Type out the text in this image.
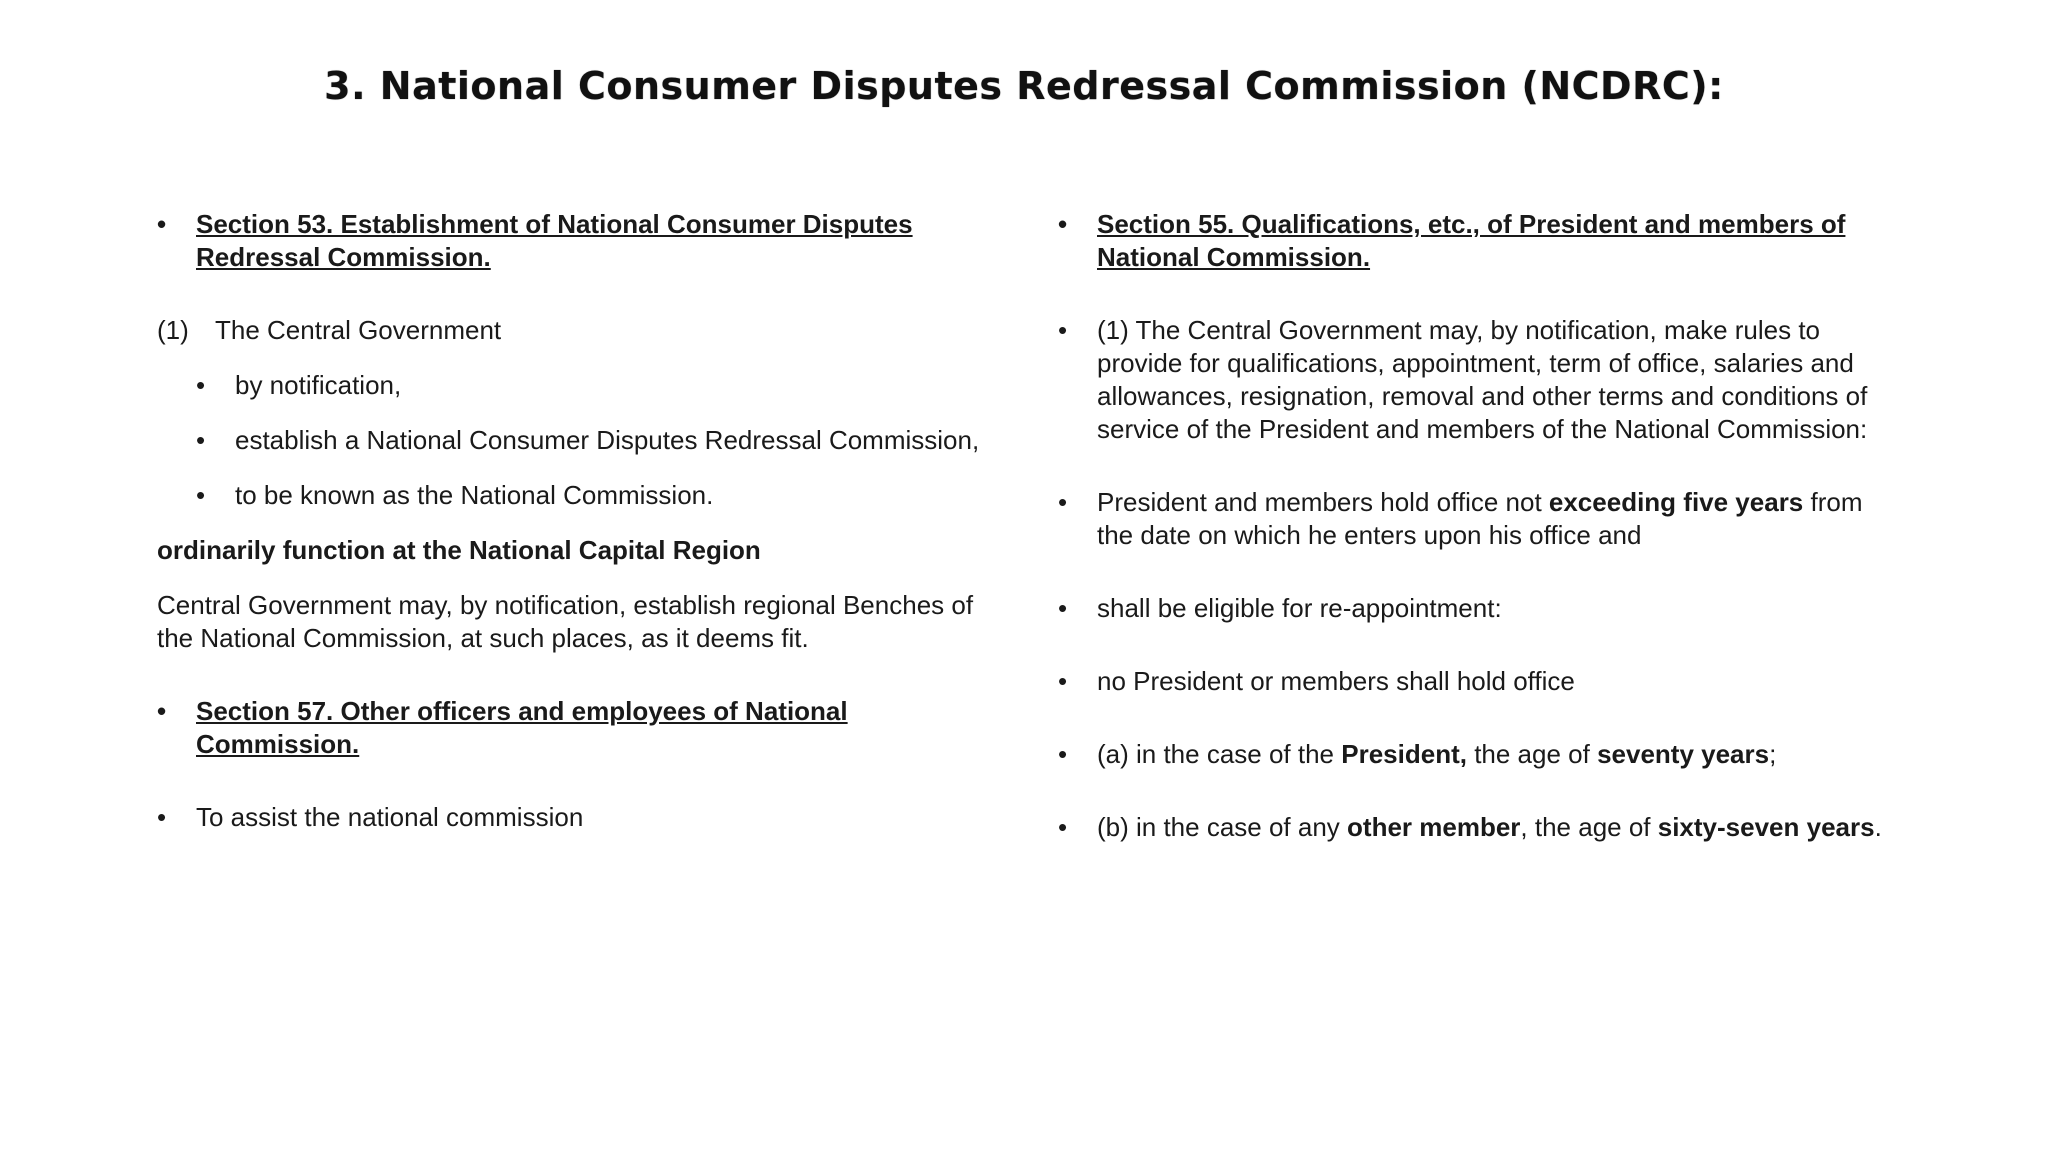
3. National Consumer Disputes Redressal Commission (NCDRC):

• Section 53. Establishment of National Consumer Disputes Redressal Commission.

(1) The Central Government

• by notification,

• establish a National Consumer Disputes Redressal Commission,

• to be known as the National Commission.

ordinarily function at the National Capital Region

Central Government may, by notification, establish regional Benches of the National Commission, at such places, as it deems fit.

• Section 57. Other officers and employees of National Commission.

• To assist the national commission

• Section 55. Qualifications, etc., of President and members of National Commission.

• (1) The Central Government may, by notification, make rules to provide for qualifications, appointment, term of office, salaries and allowances, resignation, removal and other terms and conditions of service of the President and members of the National Commission:

• President and members hold office not exceeding five years from the date on which he enters upon his office and

• shall be eligible for re-appointment:

• no President or members shall hold office

• (a) in the case of the President, the age of seventy years;

• (b) in the case of any other member, the age of sixty-seven years.
